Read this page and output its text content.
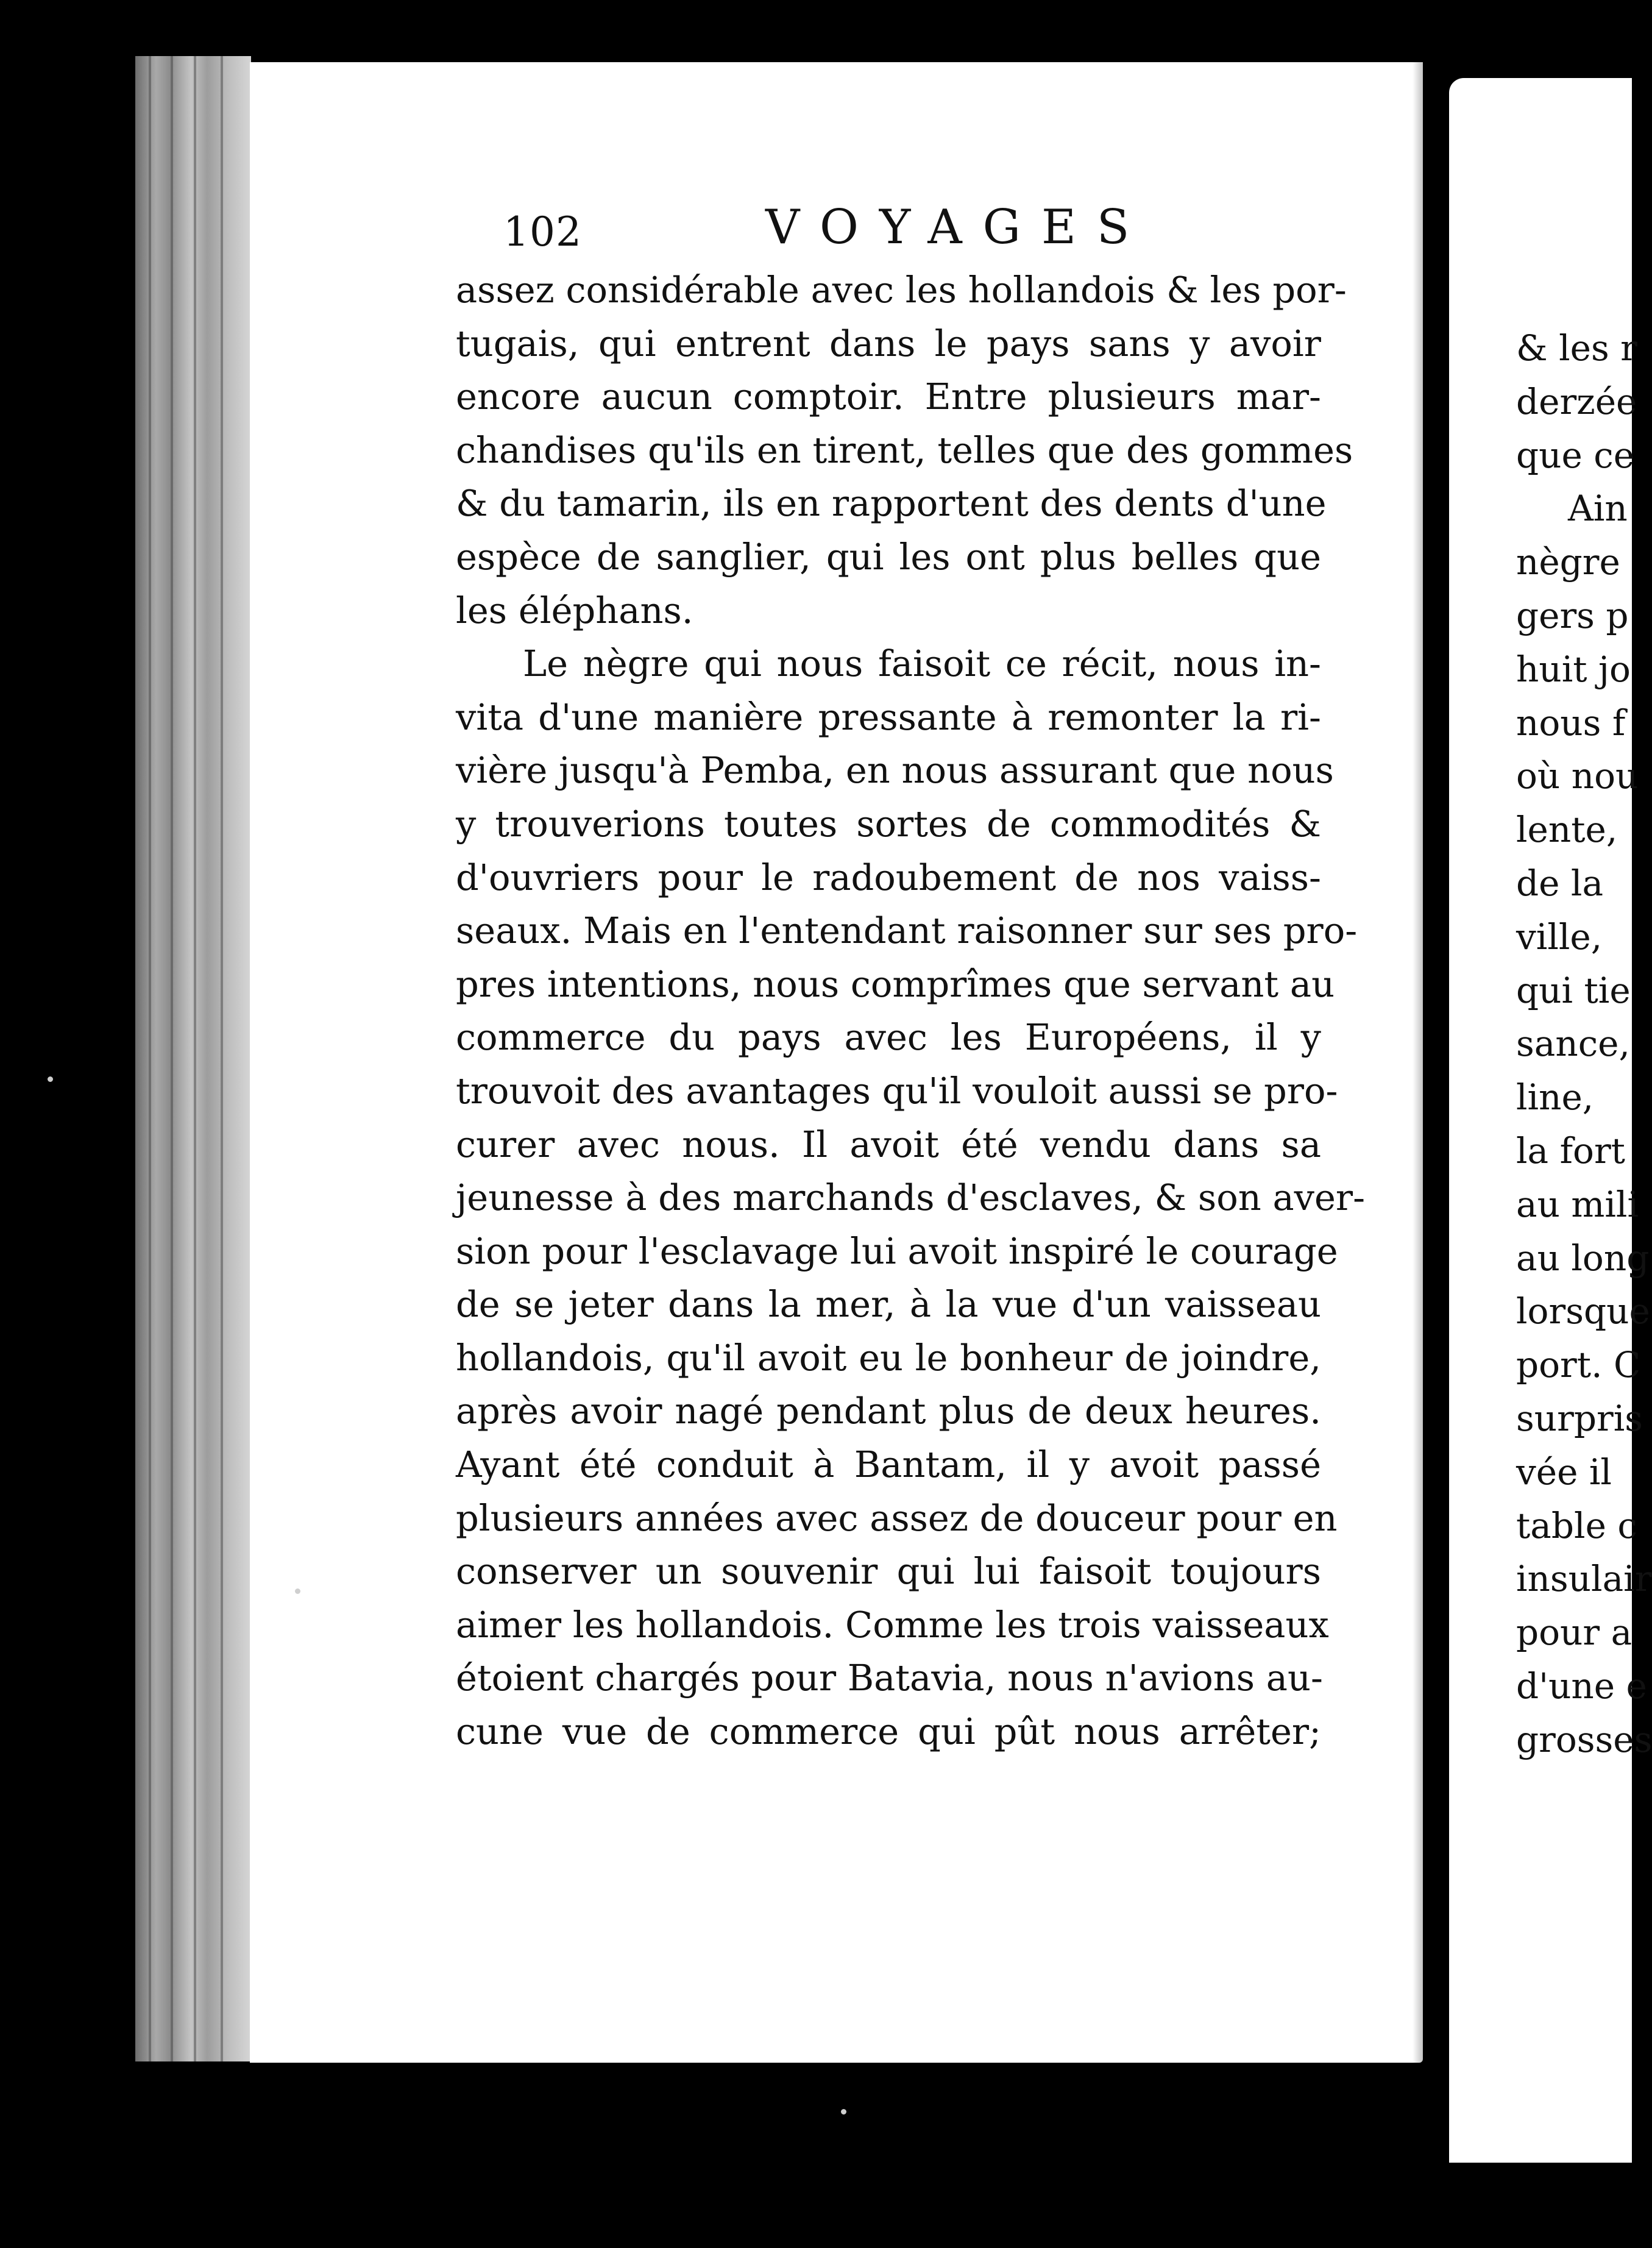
102	VOYAGES
assez considérable avec les hollandois & les por-
tugais, qui entrent dans le pays sans y avoir
encore aucun comptoir. Entre plusieurs mar-
chandises qu'ils en tirent, telles que des gommes
& du tamarin, ils en rapportent des dents d'une
espèce de sanglier, qui les ont plus belles que
les éléphans.
Le nègre qui nous faisoit ce récit, nous in-
vita d'une manière pressante à remonter la ri-
vière jusqu'à Pemba, en nous assurant que nous
y trouverions toutes sortes de commodités &
d'ouvriers pour le radoubement de nos vaiss-
seaux. Mais en l'entendant raisonner sur ses pro-
pres intentions, nous comprîmes que servant au
commerce du pays avec les Européens, il y
trouvoit des avantages qu'il vouloit aussi se pro-
curer avec nous. Il avoit été vendu dans sa
jeunesse à des marchands d'esclaves, & son aver-
sion pour l'esclavage lui avoit inspiré le courage
de se jeter dans la mer, à la vue d'un vaisseau
hollandois, qu'il avoit eu le bonheur de joindre,
après avoir nagé pendant plus de deux heures.
Ayant été conduit à Bantam, il y avoit passé
plusieurs années avec assez de douceur pour en
conserver un souvenir qui lui faisoit toujours
aimer les hollandois. Comme les trois vaisseaux
étoient chargés pour Batavia, nous n'avions au-
cune vue de commerce qui pût nous arrêter;
& les r
derzée
que ce
Ain
nègre
gers p
huit jo
nous f
où nou
lente,
de la
ville,
qui tie
sance,
line,
la fort
au mili
au long
lorsque
port. C
surpris
vée il
table c
insulair
pour a
d'une e
grosses
